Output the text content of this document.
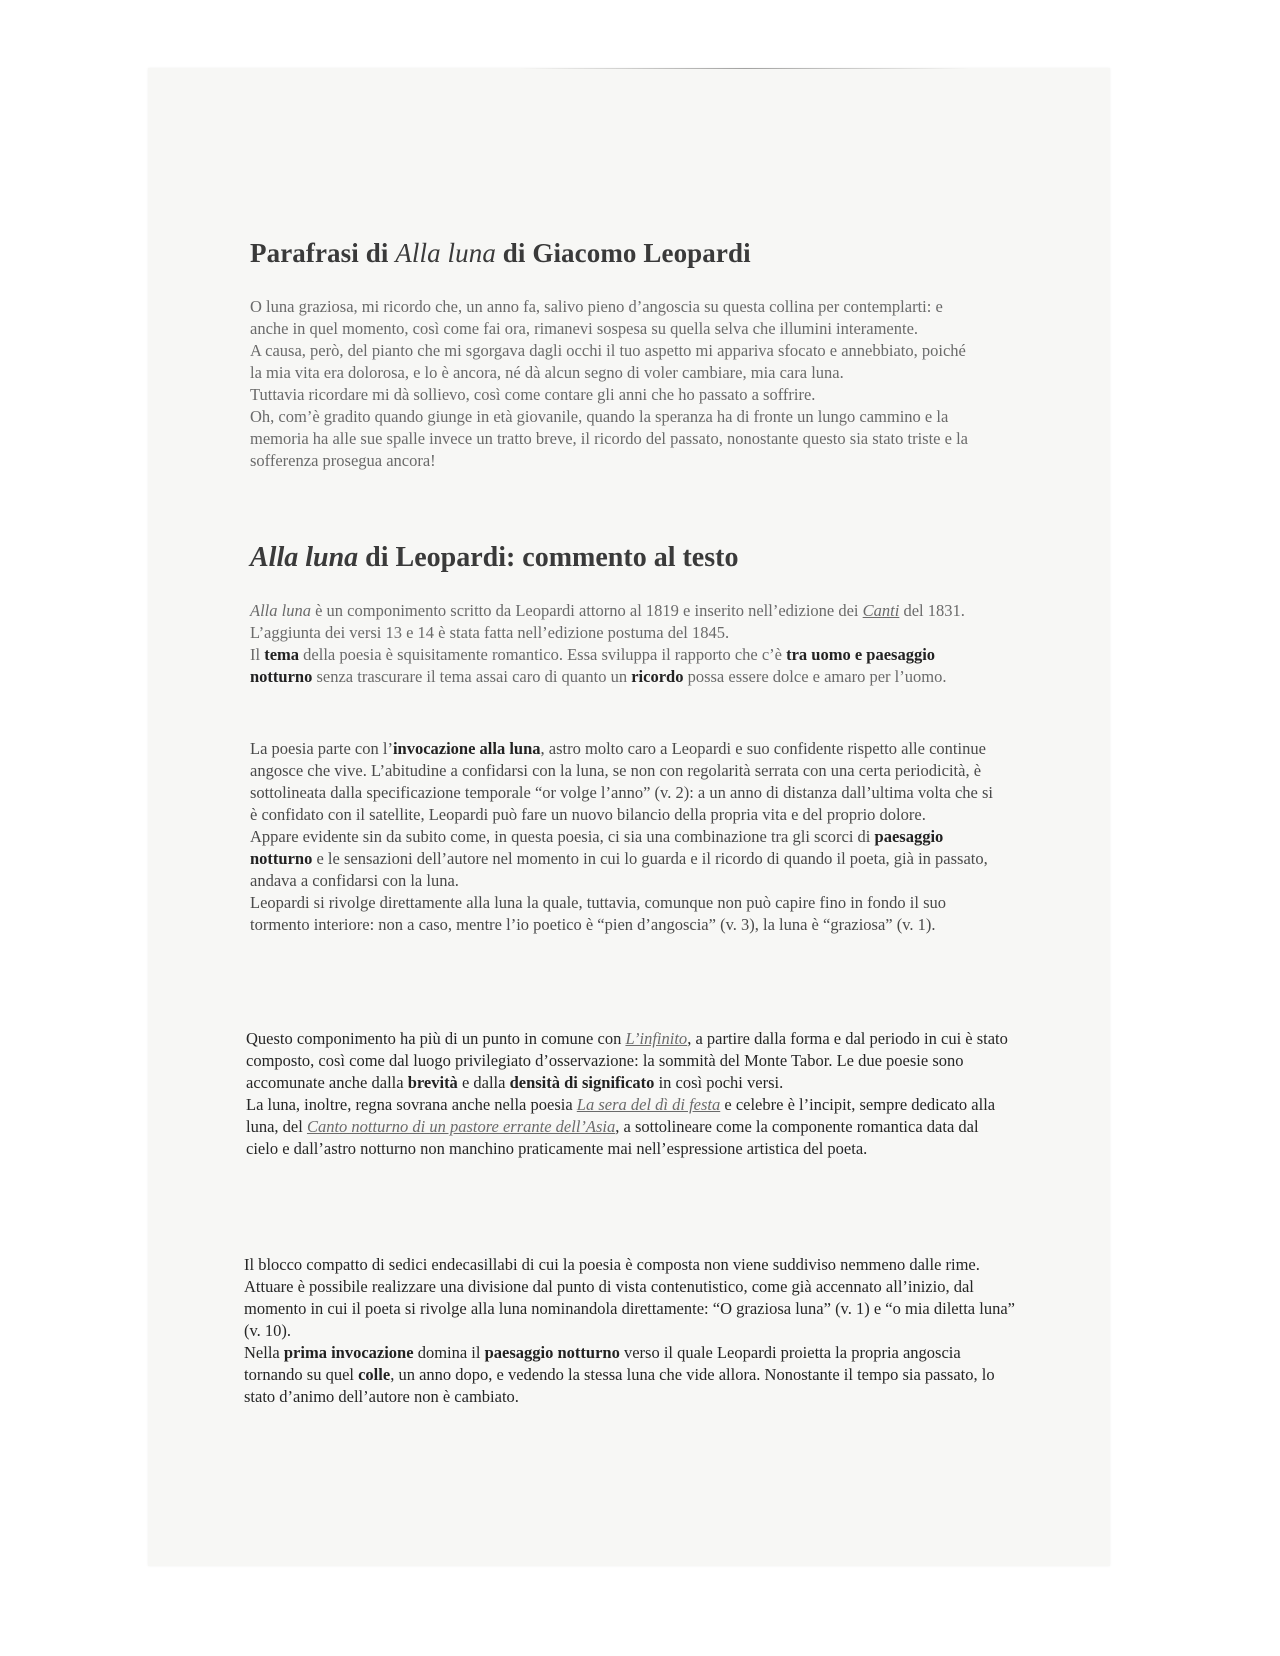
Parafrasi di Alla luna di Giacomo Leopardi

O luna graziosa, mi ricordo che, un anno fa, salivo pieno d’angoscia su questa collina per contemplarti: e anche in quel momento, così come fai ora, rimanevi sospesa su quella selva che illumini interamente.

A causa, però, del pianto che mi sgorgava dagli occhi il tuo aspetto mi appariva sfocato e annebbiato, poiché la mia vita era dolorosa, e lo è ancora, né dà alcun segno di voler cambiare, mia cara luna.

Tuttavia ricordare mi dà sollievo, così come contare gli anni che ho passato a soffrire.

Oh, com’è gradito quando giunge in età giovanile, quando la speranza ha di fronte un lungo cammino e la memoria ha alle sue spalle invece un tratto breve, il ricordo del passato, nonostante questo sia stato triste e la sofferenza prosegua ancora!

Alla luna di Leopardi: commento al testo

Alla luna è un componimento scritto da Leopardi attorno al 1819 e inserito nell’edizione dei Canti del 1831. L’aggiunta dei versi 13 e 14 è stata fatta nell’edizione postuma del 1845.

Il tema della poesia è squisitamente romantico. Essa sviluppa il rapporto che c’è tra uomo e paesaggio notturno senza trascurare il tema assai caro di quanto un ricordo possa essere dolce e amaro per l’uomo.

La poesia parte con l’invocazione alla luna, astro molto caro a Leopardi e suo confidente rispetto alle continue angosce che vive. L’abitudine a confidarsi con la luna, se non con regolarità serrata con una certa periodicità, è sottolineata dalla specificazione temporale “or volge l’anno” (v. 2): a un anno di distanza dall’ultima volta che si è confidato con il satellite, Leopardi può fare un nuovo bilancio della propria vita e del proprio dolore.

Appare evidente sin da subito come, in questa poesia, ci sia una combinazione tra gli scorci di paesaggio notturno e le sensazioni dell’autore nel momento in cui lo guarda e il ricordo di quando il poeta, già in passato, andava a confidarsi con la luna.

Leopardi si rivolge direttamente alla luna la quale, tuttavia, comunque non può capire fino in fondo il suo tormento interiore: non a caso, mentre l’io poetico è “pien d’angoscia” (v. 3), la luna è “graziosa” (v. 1).

Questo componimento ha più di un punto in comune con L’infinito, a partire dalla forma e dal periodo in cui è stato composto, così come dal luogo privilegiato d’osservazione: la sommità del Monte Tabor. Le due poesie sono accomunate anche dalla brevità e dalla densità di significato in così pochi versi.

La luna, inoltre, regna sovrana anche nella poesia La sera del dì di festa e celebre è l’incipit, sempre dedicato alla luna, del Canto notturno di un pastore errante dell’Asia, a sottolineare come la componente romantica data dal cielo e dall’astro notturno non manchino praticamente mai nell’espressione artistica del poeta.

Il blocco compatto di sedici endecasillabi di cui la poesia è composta non viene suddiviso nemmeno dalle rime. Attuare è possibile realizzare una divisione dal punto di vista contenutistico, come già accennato all’inizio, dal momento in cui il poeta si rivolge alla luna nominandola direttamente: “O graziosa luna” (v. 1) e “o mia diletta luna” (v. 10).

Nella prima invocazione domina il paesaggio notturno verso il quale Leopardi proietta la propria angoscia tornando su quel colle, un anno dopo, e vedendo la stessa luna che vide allora. Nonostante il tempo sia passato, lo stato d’animo dell’autore non è cambiato.
